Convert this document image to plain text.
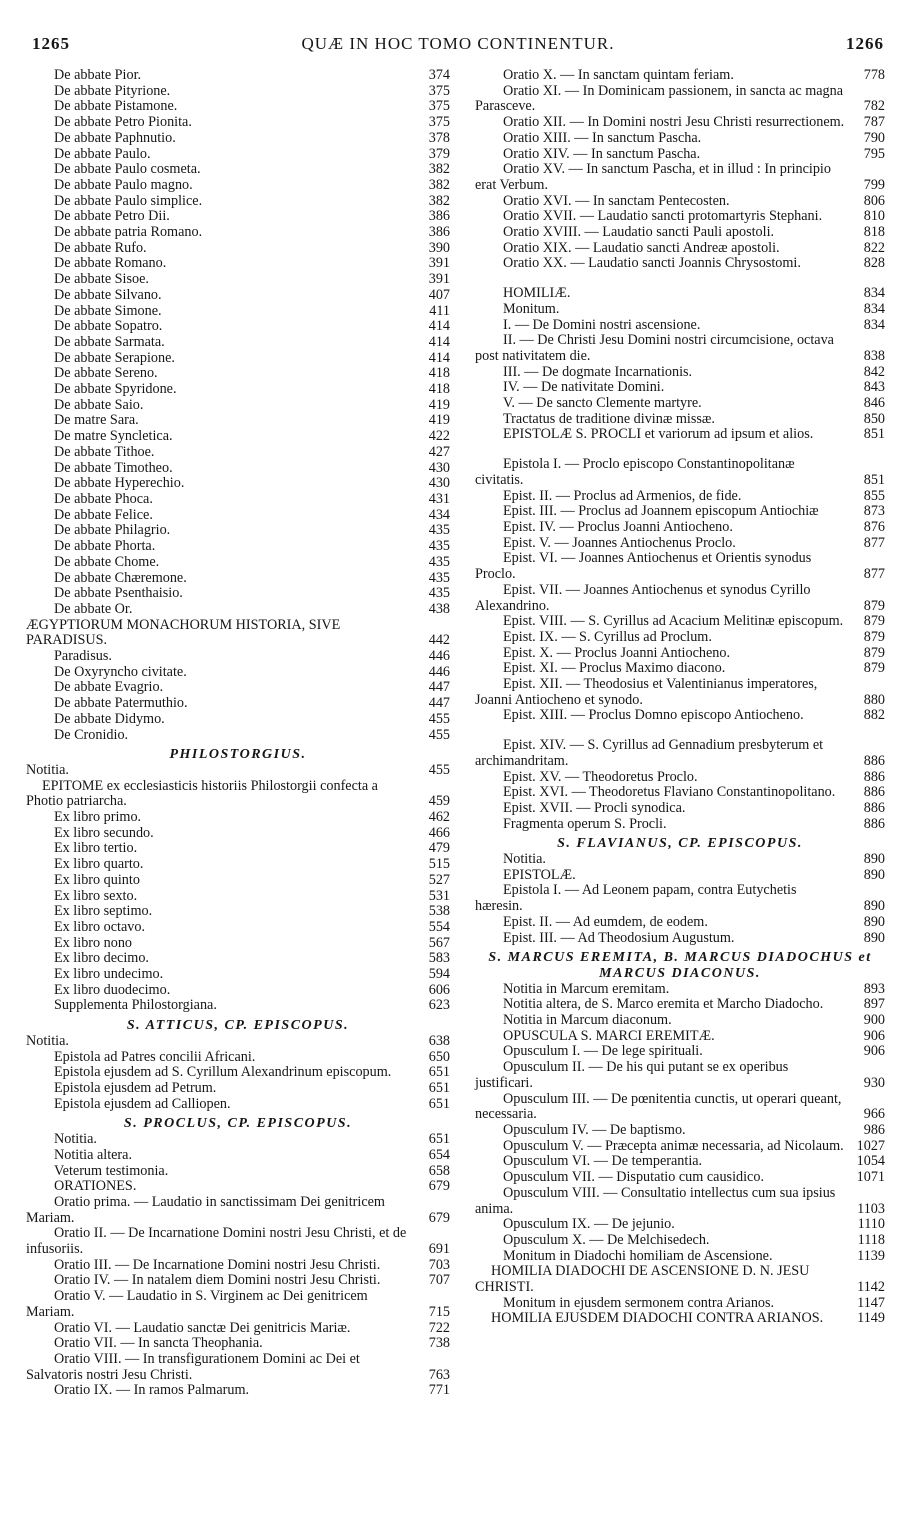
1265	QUÆ IN HOC TOMO CONTINENTUR.	1266
De abbate Pior.	374
De abbate Pityrione.	375
De abbate Pistamone.	375
De abbate Petro Pionita.	375
De abbate Paphnutio.	378
De abbate Paulo.	379
De abbate Paulo cosmeta.	382
De abbate Paulo magno.	382
De abbate Paulo simplice.	382
De abbate Petro Dii.	386
De abbate patria Romano.	386
De abbate Rufo.	390
De abbate Romano.	391
De abbate Sisoe.	391
De abbate Silvano.	407
De abbate Simone.	411
De abbate Sopatro.	414
De abbate Sarmata.	414
De abbate Serapione.	414
De abbate Sereno.	418
De abbate Spyridone.	418
De abbate Saio.	419
De matre Sara.	419
De matre Syncletica.	422
De abbate Tithoe.	427
De abbate Timotheo.	430
De abbate Hyperechio.	430
De abbate Phoca.	431
De abbate Felice.	434
De abbate Philagrio.	435
De abbate Phorta.	435
De abbate Chome.	435
De abbate Chæremone.	435
De abbate Psenthaisio.	435
De abbate Or.	438
ÆGYPTIORUM MONACHORUM HISTORIA, SIVE PARADISUS.	442
Paradisus.	446
De Oxyryncho civitate.	446
De abbate Evagrio.	447
De abbate Patermuthio.	447
De abbate Didymo.	455
De Cronidio.	455
PHILOSTORGIUS.
Notitia.	455
EPITOME ex ecclesiasticis historiis Philostorgii confecta a Photio patriarcha.	459
Ex libro primo.	462
Ex libro secundo.	466
Ex libro tertio.	479
Ex libro quarto.	515
Ex libro quinto	527
Ex libro sexto.	531
Ex libro septimo.	538
Ex libro octavo.	554
Ex libro nono	567
Ex libro decimo.	583
Ex libro undecimo.	594
Ex libro duodecimo.	606
Supplementa Philostorgiana.	623
S. ATTICUS, CP. EPISCOPUS.
Notitia.	638
Epistola ad Patres concilii Africani.	650
Epistola ejusdem ad S. Cyrillum Alexandrinum episcopum.	651
Epistola ejusdem ad Petrum.	651
Epistola ejusdem ad Calliopen.	651
S. PROCLUS, CP. EPISCOPUS.
Notitia.	651
Notitia altera.	654
Veterum testimonia.	658
ORATIONES.	679
Oratio prima. — Laudatio in sanctissimam Dei genitricem Mariam.	679
Oratio II. — De Incarnatione Domini nostri Jesu Christi, et de infusoriis.	691
Oratio III. — De Incarnatione Domini nostri Jesu Christi.	703
Oratio IV. — In natalem diem Domini nostri Jesu Christi.	707
Oratio V. — Laudatio in S. Virginem ac Dei genitricem Mariam.	715
Oratio VI. — Laudatio sanctæ Dei genitricis Mariæ.	722
Oratio VII. — In sancta Theophania.	738
Oratio VIII. — In transfigurationem Domini ac Dei et Salvatoris nostri Jesu Christi.	763
Oratio IX. — In ramos Palmarum.	771
Oratio X. — In sanctam quintam feriam.	778
Oratio XI. — In Dominicam passionem, in sancta ac magna Parasceve.	782
Oratio XII. — In Domini nostri Jesu Christi resurrectionem. 787
Oratio XIII. — In sanctum Pascha.	790
Oratio XIV. — In sanctum Pascha.	795
Oratio XV. — In sanctum Pascha, et in illud : In principio erat Verbum.	799
Oratio XVI. — In sanctam Pentecosten.	806
Oratio XVII. — Laudatio sancti protomartyris Stephani.	810
Oratio XVIII. — Laudatio sancti Pauli apostoli.	818
Oratio XIX. — Laudatio sancti Andreæ apostoli.	822
Oratio XX. — Laudatio sancti Joannis Chrysostomi.	828
HOMILIÆ.	834
Monitum.	834
I. — De Domini nostri ascensione.	834
II. — De Christi Jesu Domini nostri circumcisione, octava post nativitatem die.	838
III. — De dogmate Incarnationis.	842
IV. — De nativitate Domini.	843
V. — De sancto Clemente martyre.	846
Tractatus de traditione divinæ missæ.	850
EPISTOLÆ S. PROCLI et variorum ad ipsum et alios.	851
Epistola I. — Proclo episcopo Constantinopolitanæ civitatis.	851
Epist. II. — Proclus ad Armenios, de fide.	855
Epist. III. — Proclus ad Joannem episcopum Antiochiæ	873
Epist. IV. — Proclus Joanni Antiocheno.	876
Epist. V. — Joannes Antiochenus Proclo.	877
Epist. VI. — Joannes Antiochenus et Orientis synodus Proclo.	877
Epist. VII. — Joannes Antiochenus et synodus Cyrillo Alexandrino.	879
Epist. VIII. — S. Cyrillus ad Acacium Melitinæ episcopum. 879
Epist. IX. — S. Cyrillus ad Proclum.	879
Epist. X. — Proclus Joanni Antiocheno.	879
Epist. XI. — Proclus Maximo diacono.	879
Epist. XII. — Theodosius et Valentinianus imperatores, Joanni Antiocheno et synodo.	880
Epist. XIII. — Proclus Domno episcopo Antiocheno.	882
Epist. XIV. — S. Cyrillus ad Gennadium presbyterum et archimandritam.	886
Epist. XV. — Theodoretus Proclo.	886
Epist. XVI. — Theodoretus Flaviano Constantinopolitano. 886
Epist. XVII. — Procli synodica.	886
Fragmenta operum S. Procli.	886
S. FLAVIANUS, CP. EPISCOPUS.
Notitia.	890
EPISTOLÆ.	890
Epistola I. — Ad Leonem papam, contra Eutychetis hæresin.	890
Epist. II. — Ad eumdem, de eodem.	890
Epist. III. — Ad Theodosium Augustum.	890
S. MARCUS EREMITA, B. MARCUS DIADOCHUS et MARCUS DIACONUS.
Notitia in Marcum eremitam.	893
Notitia altera, de S. Marco eremita et Marcho Diadocho.	897
Notitia in Marcum diaconum.	900
OPUSCULA S. MARCI EREMITÆ.	906
Opusculum I. — De lege spirituali.	906
Opusculum II. — De his qui putant se ex operibus justificari.	930
Opusculum III. — De pœnitentia cunctis, ut operari queant, necessaria.	966
Opusculum IV. — De baptismo.	986
Opusculum V. — Præcepta animæ necessaria, ad Nicolaum. 1027
Opusculum VI. — De temperantia.	1054
Opusculum VII. — Disputatio cum causidico.	1071
Opusculum VIII. — Consultatio intellectus cum sua ipsius anima.	1103
Opusculum IX. — De jejunio.	1110
Opusculum X. — De Melchisedech.	1118
Monitum in Diadochi homiliam de Ascensione.	1139
HOMILIA DIADOCHI DE ASCENSIONE D. N. JESU CHRISTI.	1142
Monitum in ejusdem sermonem contra Arianos.	1147
HOMILIA EJUSDEM DIADOCHI CONTRA ARIANOS. 1149
